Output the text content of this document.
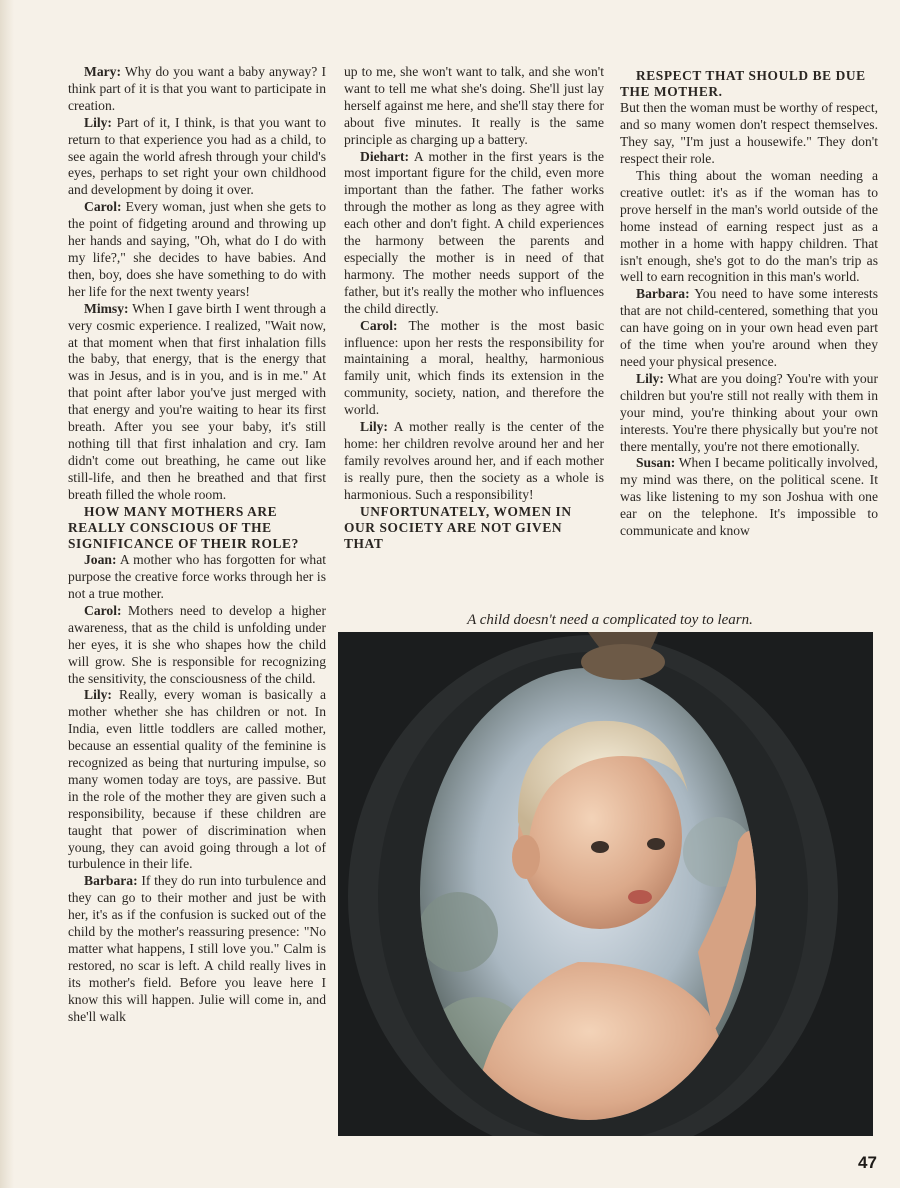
Mary: Why do you want a baby anyway? I think part of it is that you want to participate in creation.

Lily: Part of it, I think, is that you want to return to that experience you had as a child, to see again the world afresh through your child's eyes, perhaps to set right your own childhood and development by doing it over.

Carol: Every woman, just when she gets to the point of fidgeting around and throwing up her hands and saying, "Oh, what do I do with my life?," she decides to have babies. And then, boy, does she have something to do with her life for the next twenty years!

Mimsy: When I gave birth I went through a very cosmic experience. I realized, "Wait now, at that moment when that first inhalation fills the baby, that energy, that is the energy that was in Jesus, and is in you, and is in me." At that point after labor you've just merged with that energy and you're waiting to hear its first breath. After you see your baby, it's still nothing till that first inhalation and cry. Iam didn't come out breathing, he came out like still-life, and then he breathed and that first breath filled the whole room.

HOW MANY MOTHERS ARE REALLY CONSCIOUS OF THE SIGNIFICANCE OF THEIR ROLE?

Joan: A mother who has forgotten for what purpose the creative force works through her is not a true mother.

Carol: Mothers need to develop a higher awareness, that as the child is unfolding under her eyes, it is she who shapes how the child will grow. She is responsible for recognizing the sensitivity, the consciousness of the child.

Lily: Really, every woman is basically a mother whether she has children or not. In India, even little toddlers are called mother, because an essential quality of the feminine is recognized as being that nurturing impulse, so many women today are toys, are passive. But in the role of the mother they are given such a responsibility, because if these children are taught that power of discrimination when young, they can avoid going through a lot of turbulence in their life.

Barbara: If they do run into turbulence and they can go to their mother and just be with her, it's as if the confusion is sucked out of the child by the mother's reassuring presence: "No matter what happens, I still love you." Calm is restored, no scar is left. A child really lives in its mother's field. Before you leave here I know this will happen. Julie will come in, and she'll walk

up to me, she won't want to talk, and she won't want to tell me what she's doing. She'll just lay herself against me here, and she'll stay there for about five minutes. It really is the same principle as charging up a battery.

Diehart: A mother in the first years is the most important figure for the child, even more important than the father. The father works through the mother as long as they agree with each other and don't fight. A child experiences the harmony between the parents and especially the mother is in need of that harmony. The mother needs support of the father, but it's really the mother who influences the child directly.

Carol: The mother is the most basic influence: upon her rests the responsibility for maintaining a moral, healthy, harmonious family unit, which finds its extension in the community, society, nation, and therefore the world.

Lily: A mother really is the center of the home: her children revolve around her and her family revolves around her, and if each mother is really pure, then the society as a whole is harmonious. Such a responsibility!

UNFORTUNATELY, WOMEN IN OUR SOCIETY ARE NOT GIVEN THAT

RESPECT THAT SHOULD BE DUE THE MOTHER.

But then the woman must be worthy of respect, and so many women don't respect themselves. They say, "I'm just a housewife." They don't respect their role.

This thing about the woman needing a creative outlet: it's as if the woman has to prove herself in the man's world outside of the home instead of earning respect just as a mother in a home with happy children. That isn't enough, she's got to do the man's trip as well to earn recognition in this man's world.

Barbara: You need to have some interests that are not child-centered, something that you can have going on in your own head even part of the time when you're around when they need your physical presence.

Lily: What are you doing? You're with your children but you're still not really with them in your mind, you're thinking about your own interests. You're there physically but you're not there mentally, you're not there emotionally.

Susan: When I became politically involved, my mind was there, on the political scene. It was like listening to my son Joshua with one ear on the telephone. It's impossible to communicate and know

A child doesn't need a complicated toy to learn.
47
